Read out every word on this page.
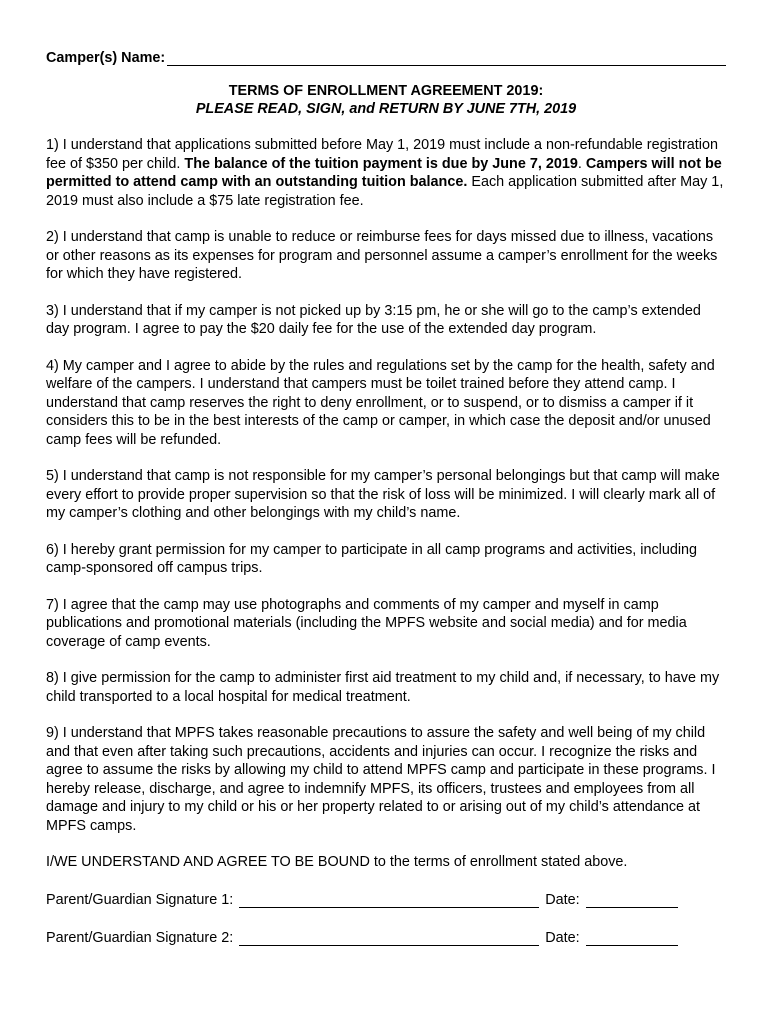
Camper(s) Name:
TERMS OF ENROLLMENT AGREEMENT 2019:
PLEASE READ, SIGN, and RETURN BY JUNE 7TH, 2019
1) I understand that applications submitted before May 1, 2019 must include a non-refundable registration fee of $350 per child. The balance of the tuition payment is due by June 7, 2019. Campers will not be permitted to attend camp with an outstanding tuition balance. Each application submitted after May 1, 2019 must also include a $75 late registration fee.
2) I understand that camp is unable to reduce or reimburse fees for days missed due to illness, vacations or other reasons as its expenses for program and personnel assume a camper’s enrollment for the weeks for which they have registered.
3) I understand that if my camper is not picked up by 3:15 pm, he or she will go to the camp’s extended day program. I agree to pay the $20 daily fee for the use of the extended day program.
4) My camper and I agree to abide by the rules and regulations set by the camp for the health, safety and welfare of the campers. I understand that campers must be toilet trained before they attend camp. I understand that camp reserves the right to deny enrollment, or to suspend, or to dismiss a camper if it considers this to be in the best interests of the camp or camper, in which case the deposit and/or unused camp fees will be refunded.
5) I understand that camp is not responsible for my camper’s personal belongings but that camp will make every effort to provide proper supervision so that the risk of loss will be minimized. I will clearly mark all of my camper’s clothing and other belongings with my child’s name.
6) I hereby grant permission for my camper to participate in all camp programs and activities, including camp-sponsored off campus trips.
7) I agree that the camp may use photographs and comments of my camper and myself in camp publications and promotional materials (including the MPFS website and social media) and for media coverage of camp events.
8) I give permission for the camp to administer first aid treatment to my child and, if necessary, to have my child transported to a local hospital for medical treatment.
9) I understand that MPFS takes reasonable precautions to assure the safety and well being of my child and that even after taking such precautions, accidents and injuries can occur. I recognize the risks and agree to assume the risks by allowing my child to attend MPFS camp and participate in these programs. I hereby release, discharge, and agree to indemnify MPFS, its officers, trustees and employees from all damage and injury to my child or his or her property related to or arising out of my child’s attendance at MPFS camps.
I/WE UNDERSTAND AND AGREE TO BE BOUND to the terms of enrollment stated above.
Parent/Guardian Signature 1:	Date:
Parent/Guardian Signature 2:	Date:
